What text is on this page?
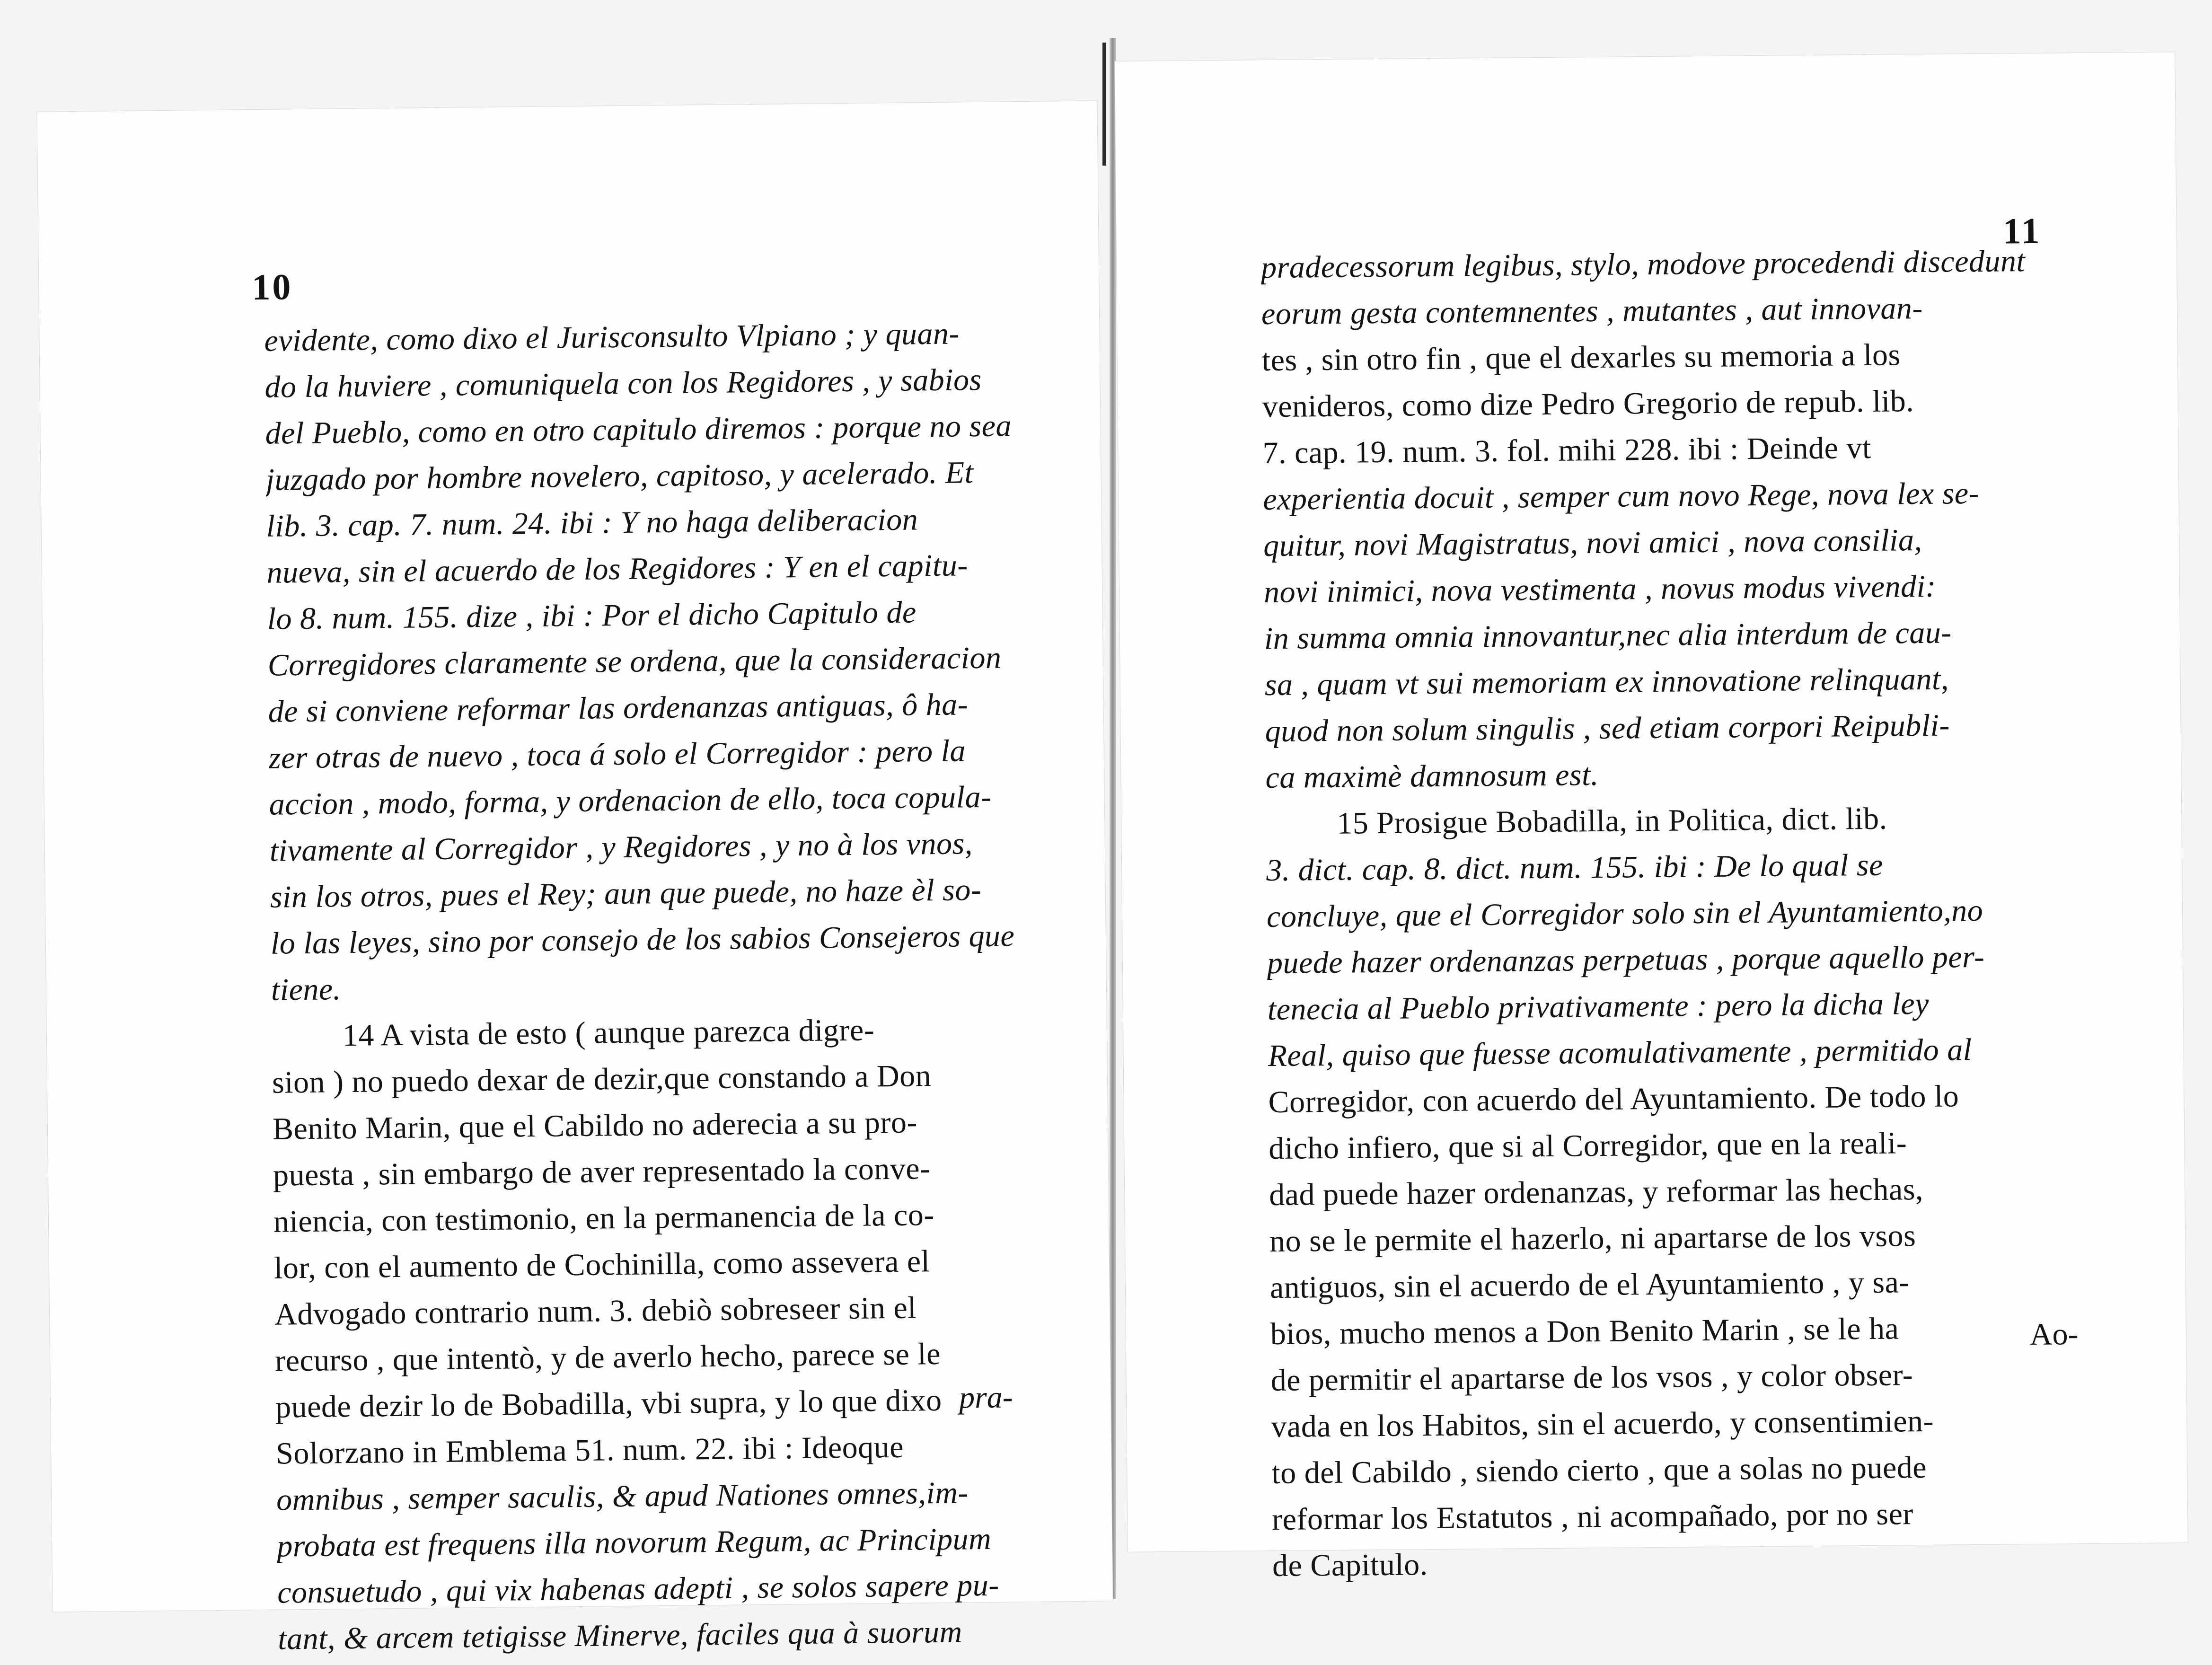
10
evidente, como dixo el Jurisconsulto Vlpiano ; y quan-
do la huviere , comuniquela con los Regidores , y sabios
del Pueblo, como en otro capitulo diremos : porque no sea
juzgado por hombre novelero, capitoso, y acelerado. Et
lib. 3. cap. 7. num. 24. ibi : Y no haga deliberacion
nueva, sin el acuerdo de los Regidores : Y en el capitu-
lo 8. num. 155. dize , ibi : Por el dicho Capitulo de
Corregidores claramente se ordena, que la consideracion
de si conviene reformar las ordenanzas antiguas, ô ha-
zer otras de nuevo , toca á solo el Corregidor : pero la
accion , modo, forma, y ordenacion de ello, toca copula-
tivamente al Corregidor , y Regidores , y no à los vnos,
sin los otros, pues el Rey; aun que puede, no haze èl so-
lo las leyes, sino por consejo de los sabios Consejeros que
tiene.
14 A vista de esto ( aunque parezca digre-
sion ) no puedo dexar de dezir,que constando a Don
Benito Marin, que el Cabildo no aderecia a su pro-
puesta , sin embargo de aver representado la conve-
niencia, con testimonio, en la permanencia de la co-
lor, con el aumento de Cochinilla, como assevera el
Advogado contrario num. 3. debiò sobreseer sin el
recurso , que intentò, y de averlo hecho, parece se le
puede dezir lo de Bobadilla, vbi supra, y lo que dixo
Solorzano in Emblema 51. num. 22. ibi : Ideoque
omnibus , semper saculis, & apud Nationes omnes,im-
probata est frequens illa novorum Regum, ac Principum
consuetudo , qui vix habenas adepti , se solos sapere pu-
tant, & arcem tetigisse Minerve, faciles qua à suorum
pra-
11
pradecessorum legibus, stylo, modove procedendi discedunt
eorum gesta contemnentes , mutantes , aut innovan-
tes , sin otro fin , que el dexarles su memoria a los
venideros, como dize Pedro Gregorio de repub. lib.
7. cap. 19. num. 3. fol. mihi 228. ibi : Deinde vt
experientia docuit , semper cum novo Rege, nova lex se-
quitur, novi Magistratus, novi amici , nova consilia,
novi inimici, nova vestimenta , novus modus vivendi:
in summa omnia innovantur,nec alia interdum de cau-
sa , quam vt sui memoriam ex innovatione relinquant,
quod non solum singulis , sed etiam corpori Reipubli-
ca maximè damnosum est.
15 Prosigue Bobadilla, in Politica, dict. lib.
3. dict. cap. 8. dict. num. 155. ibi : De lo qual se
concluye, que el Corregidor solo sin el Ayuntamiento,no
puede hazer ordenanzas perpetuas , porque aquello per-
tenecia al Pueblo privativamente : pero la dicha ley
Real, quiso que fuesse acomulativamente , permitido al
Corregidor, con acuerdo del Ayuntamiento. De todo lo
dicho infiero, que si al Corregidor, que en la reali-
dad puede hazer ordenanzas, y reformar las hechas,
no se le permite el hazerlo, ni apartarse de los vsos
antiguos, sin el acuerdo de el Ayuntamiento , y sa-
bios, mucho menos a Don Benito Marin , se le ha
de permitir el apartarse de los vsos , y color obser-
vada en los Habitos, sin el acuerdo, y consentimien-
to del Cabildo , siendo cierto , que a solas no puede
reformar los Estatutos , ni acompañado, por no ser
de Capitulo.
Ao-
